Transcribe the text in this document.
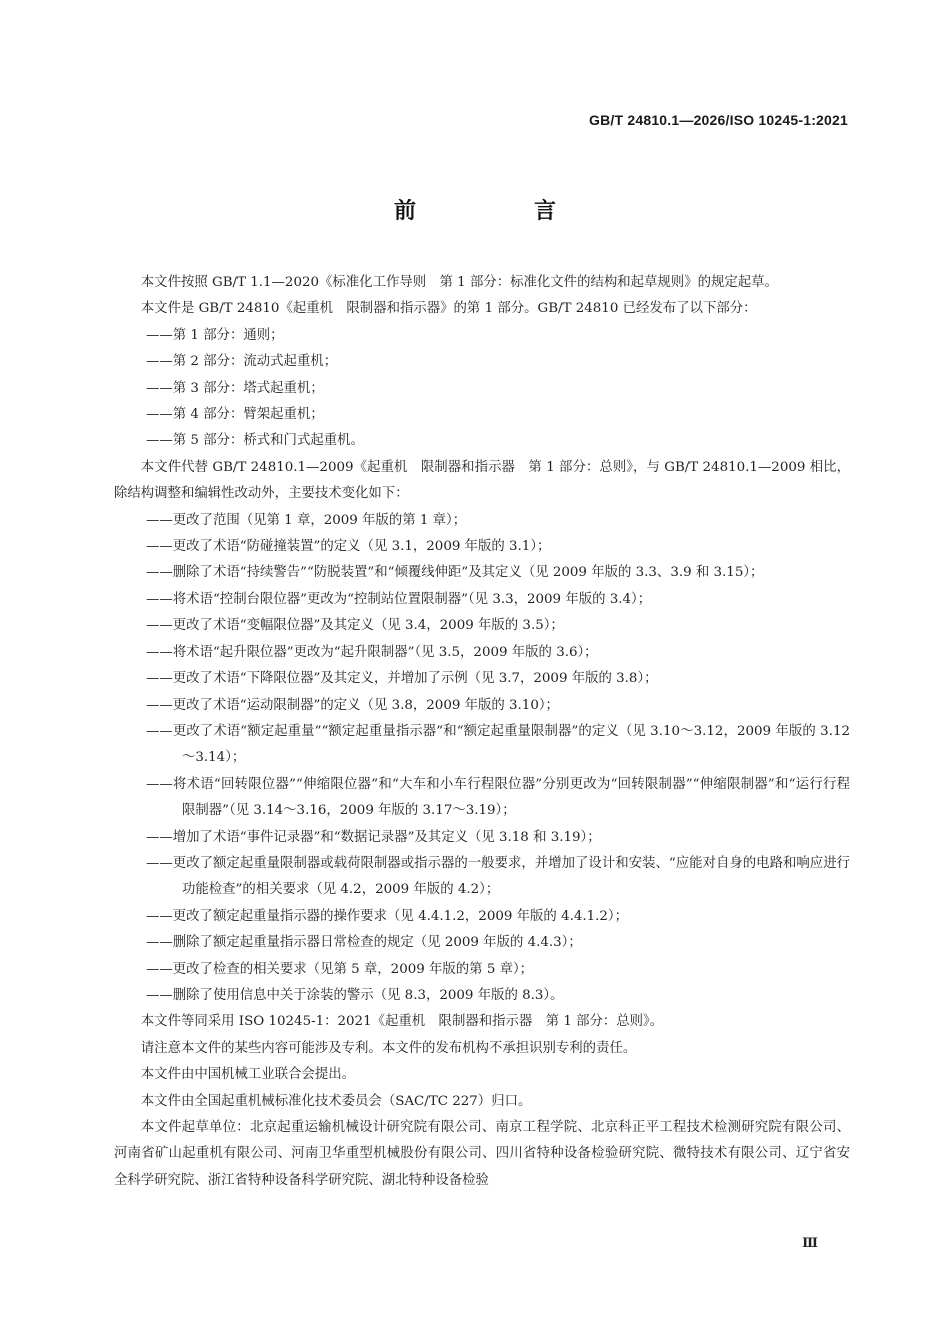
GB/T 24810.1—2026/ISO 10245-1:2021
前　言

本文件按照 GB/T 1.1—2020《标准化工作导则　第 1 部分：标准化文件的结构和起草规则》的规定起草。

本文件是 GB/T 24810《起重机　限制器和指示器》的第 1 部分。GB/T 24810 已经发布了以下部分：

——第 1 部分：通则；

——第 2 部分：流动式起重机；

——第 3 部分：塔式起重机；

——第 4 部分：臂架起重机；

——第 5 部分：桥式和门式起重机。

本文件代替 GB/T 24810.1—2009《起重机　限制器和指示器　第 1 部分：总则》，与 GB/T 24810.1—2009 相比，除结构调整和编辑性改动外，主要技术变化如下：

——更改了范围（见第 1 章，2009 年版的第 1 章）；

——更改了术语“防碰撞装置”的定义（见 3.1，2009 年版的 3.1）；

——删除了术语“持续警告”“防脱装置”和“倾覆线伸距”及其定义（见 2009 年版的 3.3、3.9 和 3.15）；

——将术语“控制台限位器”更改为“控制站位置限制器”（见 3.3，2009 年版的 3.4）；

——更改了术语“变幅限位器”及其定义（见 3.4，2009 年版的 3.5）；

——将术语“起升限位器”更改为“起升限制器”（见 3.5，2009 年版的 3.6）；

——更改了术语“下降限位器”及其定义，并增加了示例（见 3.7，2009 年版的 3.8）；

——更改了术语“运动限制器”的定义（见 3.8，2009 年版的 3.10）；

——更改了术语“额定起重量”“额定起重量指示器”和“额定起重量限制器”的定义（见 3.10～3.12，2009 年版的 3.12～3.14）；

——将术语“回转限位器”“伸缩限位器”和“大车和小车行程限位器”分别更改为“回转限制器”“伸缩限制器”和“运行行程限制器”（见 3.14～3.16，2009 年版的 3.17～3.19）；

——增加了术语“事件记录器”和“数据记录器”及其定义（见 3.18 和 3.19）；

——更改了额定起重量限制器或载荷限制器或指示器的一般要求，并增加了设计和安装、“应能对自身的电路和响应进行功能检查”的相关要求（见 4.2，2009 年版的 4.2）；

——更改了额定起重量指示器的操作要求（见 4.4.1.2，2009 年版的 4.4.1.2）；

——删除了额定起重量指示器日常检查的规定（见 2009 年版的 4.4.3）；

——更改了检查的相关要求（见第 5 章，2009 年版的第 5 章）；

——删除了使用信息中关于涂装的警示（见 8.3，2009 年版的 8.3）。

本文件等同采用 ISO 10245-1：2021《起重机　限制器和指示器　第 1 部分：总则》。

请注意本文件的某些内容可能涉及专利。本文件的发布机构不承担识别专利的责任。

本文件由中国机械工业联合会提出。

本文件由全国起重机械标准化技术委员会（SAC/TC 227）归口。

本文件起草单位：北京起重运输机械设计研究院有限公司、南京工程学院、北京科正平工程技术检测研究院有限公司、河南省矿山起重机有限公司、河南卫华重型机械股份有限公司、四川省特种设备检验研究院、微特技术有限公司、辽宁省安全科学研究院、浙江省特种设备科学研究院、湖北特种设备检验

Ⅲ
